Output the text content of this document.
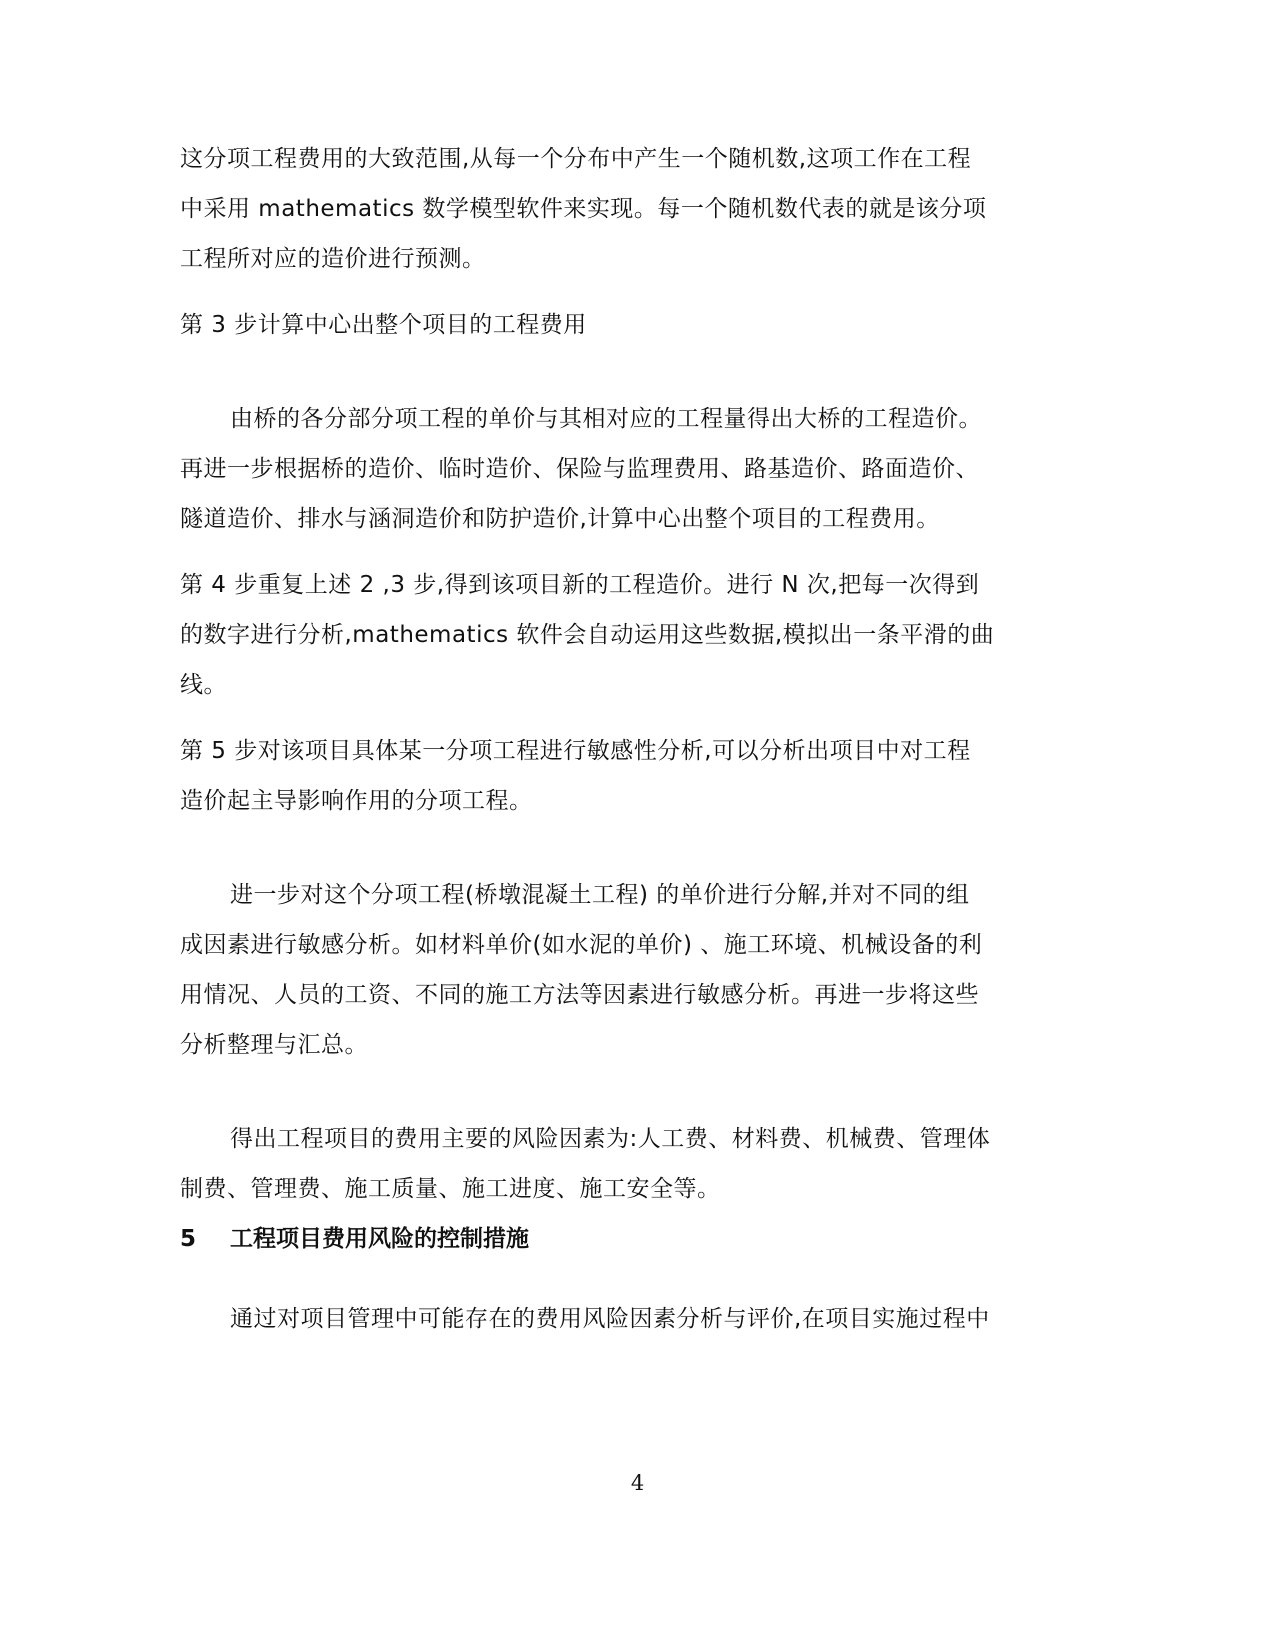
这分项工程费用的大致范围,从每一个分布中产生一个随机数,这项工作在工程
中采用 mathematics 数学模型软件来实现。每一个随机数代表的就是该分项
工程所对应的造价进行预测。

第 3 步计算中心出整个项目的工程费用

由桥的各分部分项工程的单价与其相对应的工程量得出大桥的工程造价。
再进一步根据桥的造价、临时造价、保险与监理费用、路基造价、路面造价、
隧道造价、排水与涵洞造价和防护造价,计算中心出整个项目的工程费用。

第 4 步重复上述 2 ,3 步,得到该项目新的工程造价。进行 N 次,把每一次得到
的数字进行分析,mathematics 软件会自动运用这些数据,模拟出一条平滑的曲
线。

第 5 步对该项目具体某一分项工程进行敏感性分析,可以分析出项目中对工程
造价起主导影响作用的分项工程。

进一步对这个分项工程(桥墩混凝土工程) 的单价进行分解,并对不同的组
成因素进行敏感分析。如材料单价(如水泥的单价) 、施工环境、机械设备的利
用情况、人员的工资、不同的施工方法等因素进行敏感分析。再进一步将这些
分析整理与汇总。

得出工程项目的费用主要的风险因素为:人工费、材料费、机械费、管理体
制费、管理费、施工质量、施工进度、施工安全等。

5 工程项目费用风险的控制措施

通过对项目管理中可能存在的费用风险因素分析与评价,在项目实施过程中

4
